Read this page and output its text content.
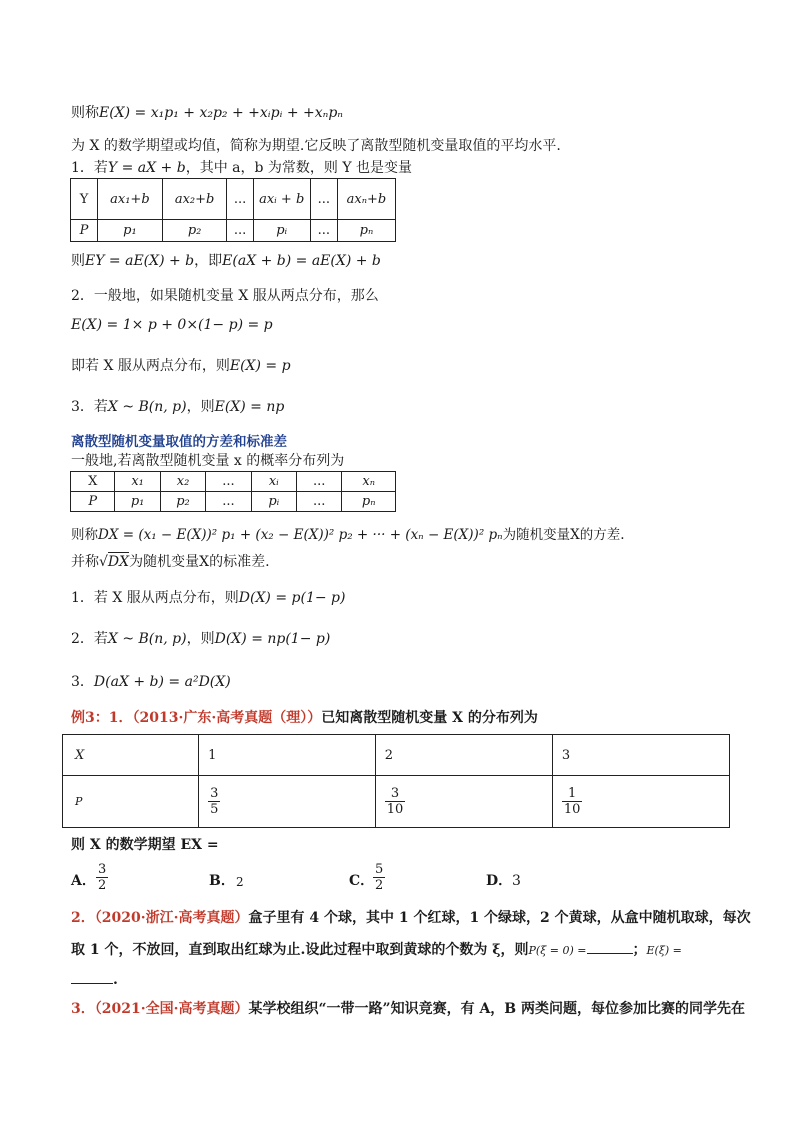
则称E(X) = x₁p₁ + x₂p₂ + +xᵢpᵢ + +xₙpₙ
为 X 的数学期望或均值，简称为期望.它反映了离散型随机变量取值的平均水平.
1．若Y = aX + b，其中 a，b 为常数，则 Y 也是变量
Y	ax₁+b	ax₂+b	...	axᵢ + b	...	axₙ+b
P	p₁	p₂	...	pᵢ	...	pₙ
则EY = aE(X) + b，即E(aX + b) = aE(X) + b
2．一般地，如果随机变量 X 服从两点分布，那么
E(X) = 1× p + 0×(1− p) = p
即若 X 服从两点分布，则E(X) = p
3．若X ~ B(n, p)，则E(X) = np
离散型随机变量取值的方差和标准差
一般地,若离散型随机变量 x 的概率分布列为
X	x₁	x₂	...	xᵢ	...	xₙ
P	p₁	p₂	...	pᵢ	...	pₙ
则称DX = (x₁ − E(X))² p₁ + (x₂ − E(X))² p₂ + ··· + (xₙ − E(X))² pₙ为随机变量X的方差.
并称√DX为随机变量X的标准差.
1．若 X 服从两点分布，则D(X) = p(1− p)
2．若X ~ B(n, p)，则D(X) = np(1− p)
3．D(aX + b) = a²D(X)
例3：1．（2013·广东·高考真题（理））已知离散型随机变量 X 的分布列为
X	1	2	3
P	$\frac{3}{5}$	$\frac{3}{10}$	$\frac{1}{10}$
则 X 的数学期望 EX =
A． $\frac{3}{2}$	B． 2	C．
$\frac{5}{2}$	D． 3
2．（2020·浙江·高考真题）盒子里有 4 个球，其中 1 个红球，1 个绿球，2 个黄球，从盒中随机取球，每次
取 1 个，不放回，直到取出红球为止.设此过程中取到黄球的个数为 ξ，则P(ξ = 0) =	；E(ξ) =
.
3．（2021·全国·高考真题）某学校组织“一带一路”知识竞赛，有 A，B 两类问题，每位参加比赛的同学先在
